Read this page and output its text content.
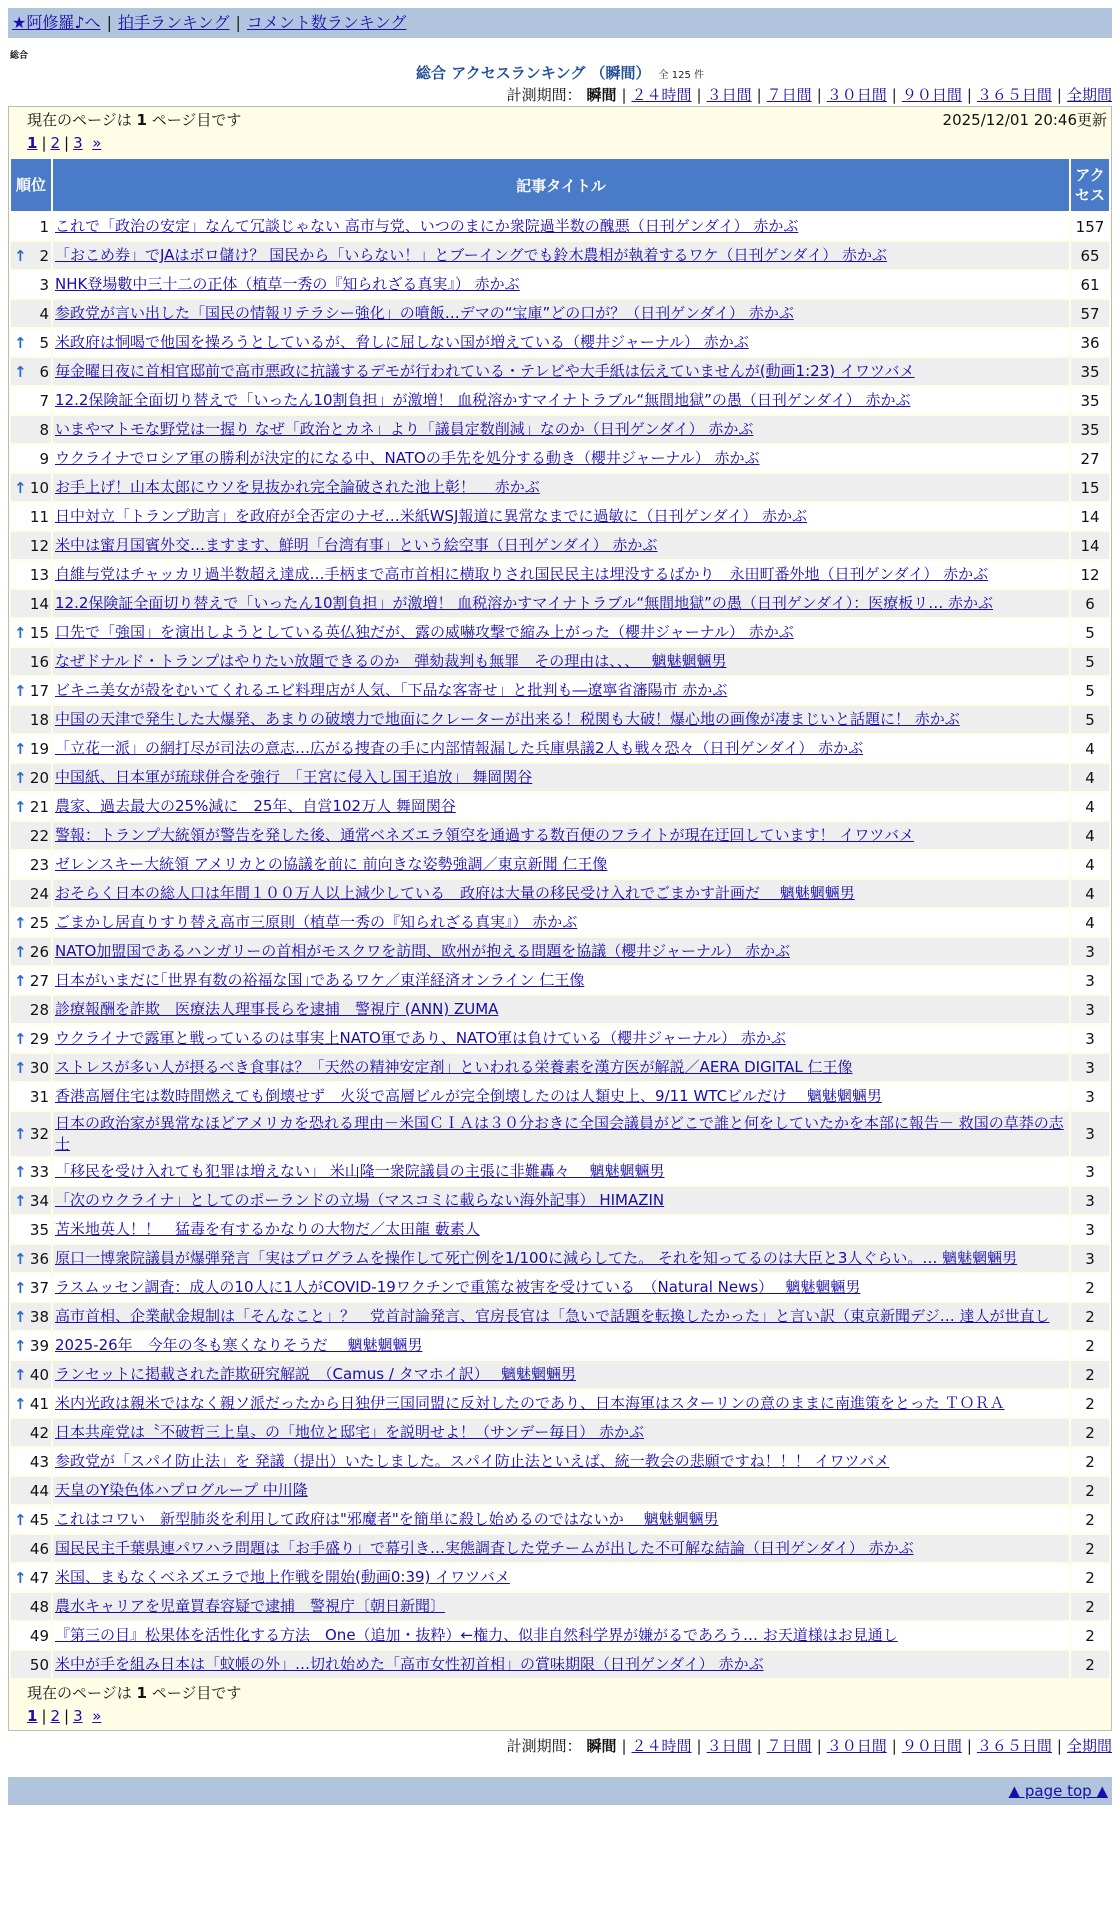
★阿修羅♪へ | 拍手ランキング | コメント数ランキング
総合
総合 アクセスランキング （瞬間） 全 125 件
計測期間： 瞬間 | ２４時間 | ３日間 | ７日間 | ３０日間 | ９０日間 | ３６５日間 | 全期間
現在のページは 1 ページ目です	2025/12/01 20:46更新
1 | 2 | 3 »
順位	記事タイトル	アクセス
1	これで「政治の安定」なんて冗談じゃない 高市与党、いつのまにか衆院過半数の醜悪（日刊ゲンダイ） 赤かぶ	157

↑ 2	「おこめ券」でJAはボロ儲け？ 国民から「いらない！」とブーイングでも鈴木農相が執着するワケ（日刊ゲンダイ） 赤かぶ	65
3	NHK登場數中三十二の正体（植草一秀の『知られざる真実』） 赤かぶ	61
4	参政党が言い出した「国民の情報リテラシー強化」の噴飯…デマの“宝庫”どの口が？（日刊ゲンダイ） 赤かぶ	57

↑ 5	米政府は恫喝で他国を操ろうとしているが、脅しに屈しない国が増えている（櫻井ジャーナル） 赤かぶ	36

↑ 6	毎金曜日夜に首相官邸前で高市悪政に抗議するデモが行われている・テレビや大手紙は伝えていませんが(動画1:23) イワツバメ	35
7	12.2保険証全面切り替えで「いったん10割負担」が激増！ 血税溶かすマイナトラブル“無間地獄”の愚（日刊ゲンダイ） 赤かぶ	35
8	いまやマトモな野党は一握り なぜ「政治とカネ」より「議員定数削減」なのか（日刊ゲンダイ） 赤かぶ	35
9	ウクライナでロシア軍の勝利が決定的になる中、NATOの手先を処分する動き（櫻井ジャーナル） 赤かぶ	27

↑ 10	お手上げ！山本太郎にウソを見抜かれ完全論破された池上彰！　 赤かぶ	15
11	日中対立「トランプ助言」を政府が全否定のナゼ…米紙WSJ報道に異常なまでに過敏に（日刊ゲンダイ） 赤かぶ	14
12	米中は蜜月国賓外交…ますます、鮮明「台湾有事」という絵空事（日刊ゲンダイ） 赤かぶ	14
13	自維与党はチャッカリ過半数超え達成…手柄まで高市首相に横取りされ国民民主は埋没するばかり　永田町番外地（日刊ゲンダイ） 赤かぶ	12
14	12.2保険証全面切り替えで「いったん10割負担」が激増！ 血税溶かすマイナトラブル“無間地獄”の愚（日刊ゲンダイ）：医療板リ… 赤かぶ	6

↑ 15	口先で「強国」を演出しようとしている英仏独だが、露の威嚇攻撃で縮み上がった（櫻井ジャーナル） 赤かぶ	5
16	なぜドナルド・トランプはやりたい放題できるのか　弾劾裁判も無罪　その理由は、、、　 魑魅魍魎男	5

↑ 17	ビキニ美女が殻をむいてくれるエビ料理店が人気、「下品な客寄せ」と批判も―遼寧省瀋陽市 赤かぶ	5
18	中国の天津で発生した大爆発、あまりの破壊力で地面にクレーターが出来る！税関も大破！爆心地の画像が凄まじいと話題に！ 赤かぶ	5

↑ 19	「立花一派」の網打尽が司法の意志…広がる捜査の手に内部情報漏した兵庫県議2人も戦々恐々（日刊ゲンダイ） 赤かぶ	4

↑ 20	中国紙、日本軍が琉球併合を強行　「王宮に侵入し国王追放」 舞岡関谷	4

↑ 21	農家、過去最大の25%減に　25年、自営102万人 舞岡関谷	4
22	警報：トランプ大統領が警告を発した後、通常ベネズエラ領空を通過する数百便のフライトが現在迂回しています！ イワツバメ	4
23	ゼレンスキー大統領 アメリカとの協議を前に 前向きな姿勢強調／東京新聞 仁王像	4
24	おそらく日本の総人口は年間１００万人以上減少している　政府は大量の移民受け入れでごまかす計画だ　 魑魅魍魎男	4

↑ 25	ごまかし居直りすり替え高市三原則（植草一秀の『知られざる真実』） 赤かぶ	4

↑ 26	NATO加盟国であるハンガリーの首相がモスクワを訪問、欧州が抱える問題を協議（櫻井ジャーナル） 赤かぶ	3

↑ 27	日本がいまだに｢世界有数の裕福な国｣であるワケ／東洋経済オンライン 仁王像	3
28	診療報酬を詐欺　医療法人理事長らを逮捕　警視庁 (ANN) ZUMA	3

↑ 29	ウクライナで露軍と戦っているのは事実上NATO軍であり、NATO軍は負けている（櫻井ジャーナル） 赤かぶ	3

↑ 30	ストレスが多い人が摂るべき食事は？「天然の精神安定剤」といわれる栄養素を漢方医が解説／AERA DIGITAL 仁王像	3
31	香港高層住宅は数時間燃えても倒壊せず　火災で高層ビルが完全倒壊したのは人類史上、9/11 WTCビルだけ　 魑魅魍魎男	3

↑ 32	日本の政治家が異常なほどアメリカを恐れる理由－米国ＣＩＡは３０分おきに全国会議員がどこで誰と何をしていたかを本部に報告－ 救国の草莽の志士	3

↑ 33	「移民を受け入れても犯罪は増えない」 米山隆一衆院議員の主張に非難轟々　 魑魅魍魎男	3

↑ 34	「次のウクライナ」としてのポーランドの立場（マスコミに載らない海外記事） HIMAZIN	3
35	苫米地英人！！　猛毒を有するかなりの大物だ／太田龍 藪素人	3

↑ 36	原口一博衆院議員が爆弾発言「実はプログラムを操作して死亡例を1/100に減らしてた。 それを知ってるのは大臣と3人ぐらい。… 魑魅魍魎男	3

↑ 37	ラスムッセン調査：成人の10人に1人がCOVID-19ワクチンで重篤な被害を受けている　（Natural News）　 魑魅魍魎男	2

↑ 38	高市首相、企業献金規制は「そんなこと」？　党首討論発言、官房長官は「急いで話題を転換したかった」と言い訳（東京新聞デジ… 達人が世直し	2

↑ 39	2025-26年　今年の冬も寒くなりそうだ　 魑魅魍魎男	2

↑ 40	ランセットに掲載された詐欺研究解説　（Camus / タマホイ訳）　 魑魅魍魎男	2

↑ 41	米内光政は親米ではなく親ソ派だったから日独伊三国同盟に反対したのであり、日本海軍はスターリンの意のままに南進策をとった ＴＯＲＡ	2
42	日本共産党は〝不破哲三上皇〟の「地位と邸宅」を説明せよ！（サンデー毎日） 赤かぶ	2
43	参政党が「スパイ防止法」を 発議（提出）いたしました。スパイ防止法といえば、統一教会の悲願ですね！！！ イワツバメ	2
44	天皇のY染色体ハプログループ 中川隆	2

↑ 45	これはコワい　新型肺炎を利用して政府は"邪魔者"を簡単に殺し始めるのではないか　 魑魅魍魎男	2
46	国民民主千葉県連パワハラ問題は「お手盛り」で幕引き…実態調査した党チームが出した不可解な結論（日刊ゲンダイ） 赤かぶ	2

↑ 47	米国、まもなくベネズエラで地上作戦を開始(動画0:39) イワツバメ	2
48	農水キャリアを児童買春容疑で逮捕　警視庁〔朝日新聞〕	2
49	『第三の目』松果体を活性化する方法　One（追加・抜粋）←権力、似非自然科学界が嫌がるであろう… お天道様はお見通し	2
50	米中が手を組み日本は「蚊帳の外」…切れ始めた「高市女性初首相」の賞味期限（日刊ゲンダイ） 赤かぶ	2
現在のページは 1 ページ目です
1 | 2 | 3 »
計測期間： 瞬間 | ２４時間 | ３日間 | ７日間 | ３０日間 | ９０日間 | ３６５日間 | 全期間
▲ page top ▲
